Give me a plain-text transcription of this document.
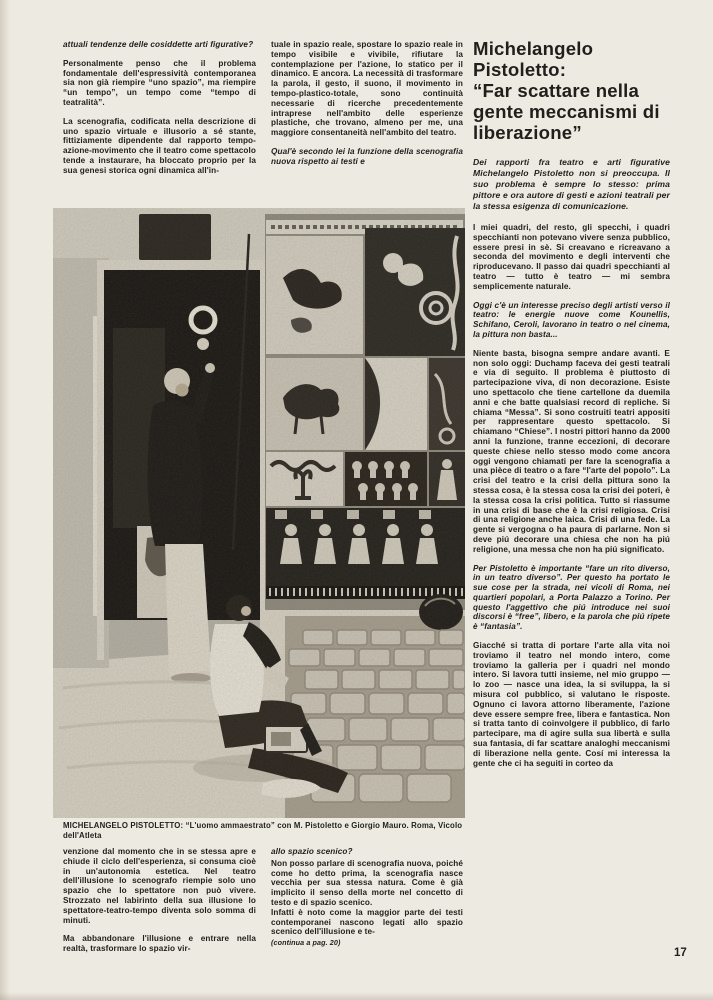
attuali tendenze delle cosiddette arti figurative?

Personalmente penso che il problema fondamentale dell'espressività contemporanea sia non già riempire “uno spazio”, ma riempire “un tempo”, un tempo come “tempo di teatralità”.

La scenografia, codificata nella descrizione di uno spazio virtuale e illusorio a sé stante, fittiziamente dipendente dal rapporto tempo-azione-movimento che il teatro come spettacolo tende a instaurare, ha bloccato proprio per la sua genesi storica ogni dinamica all'in-

tuale in spazio reale, spostare lo spazio reale in tempo visibile e vivibile, rifiutare la contemplazione per l'azione, lo statico per il dinamico. E ancora. La necessità di trasformare la parola, il gesto, il suono, il movimento in tempo-plastico-totale, sono continuità necessarie di ricerche precedentemente intraprese nell'ambito delle esperienze plastiche, che trovano, almeno per me, una maggiore consentaneità nell'ambito del teatro.

Qual'è secondo lei la funzione della scenografia nuova rispetto ai testi e

Michelangelo Pistoletto:
“Far scattare nella gente meccanismi di liberazione”

Dei rapporti fra teatro e arti figurative Michelangelo Pistoletto non si preoccupa. Il suo problema è sempre lo stesso: prima pittore e ora autore di gesti e azioni teatrali per la stessa esigenza di comunicazione.

I miei quadri, del resto, gli specchi, i quadri specchianti non potevano vivere senza pubblico, essere presi in sè. Si creavano e ricreavano a seconda del movimento e degli interventi che riproducevano. Il passo dai quadri specchianti al teatro — tutto è teatro — mi sembra semplicemente naturale.

Oggi c'è un interesse preciso degli artisti verso il teatro: le energie nuove come Kounellis, Schifano, Ceroli, lavorano in teatro o nel cinema, la pittura non basta...

Niente basta, bisogna sempre andare avanti. E non solo oggi: Duchamp faceva dei gesti teatrali e via di seguito. Il problema è piuttosto di partecipazione viva, di non decorazione. Esiste uno spettacolo che tiene cartellone da duemila anni e che batte qualsiasi record di repliche. Si chiama “Messa”. Si sono costruiti teatri appositi per rappresentare questo spettacolo. Si chiamano “Chiese”. I nostri pittori hanno da 2000 anni la funzione, tranne eccezioni, di decorare queste chiese nello stesso modo come ancora oggi vengono chiamati per fare la scenografia a una pièce di teatro o a fare “l'arte del popolo”. La crisi del teatro e la crisi della pittura sono la stessa cosa, è la stessa cosa la crisi dei poteri, è la stessa cosa la crisi politica. Tutto si riassume in una crisi di base che è la crisi religiosa. Crisi di una religione anche laica. Crisi di una fede. La gente si vergogna o ha paura di parlarne. Non si deve piú decorare una chiesa che non ha piú religione, una messa che non ha piú significato.

Per Pistoletto è importante “fare un rito diverso, in un teatro diverso”. Per questo ha portato le sue cose per la strada, nei vicoli di Roma, nei quartieri popolari, a Porta Palazzo a Torino. Per questo l'aggettivo che piú introduce nei suoi discorsi è “free”, libero, e la parola che piú ripete è “fantasia”.

Giacché si tratta di portare l'arte alla vita noi troviamo il teatro nel mondo intero, come troviamo la galleria per i quadri nel mondo intero. Si lavora tutti insieme, nel mio gruppo — lo zoo — nasce una idea, la si sviluppa, la si misura col pubblico, si valutano le risposte. Ognuno ci lavora attorno liberamente, l'azione deve essere sempre free, libera e fantastica. Non si tratta tanto di coinvolgere il pubblico, di farlo partecipare, ma di agire sulla sua libertà e sulla sua fantasia, di far scattare analoghi meccanismi di liberazione nella gente. Cosí mi interessa la gente che ci ha seguiti in corteo da

MICHELANGELO PISTOLETTO: “L'uomo ammaestrato” con M. Pistoletto e Giorgio Mauro. Roma, Vicolo dell'Atleta

venzione dal momento che in se stessa apre e chiude il ciclo dell'esperienza, si consuma cioè in un'autonomia estetica. Nel teatro dell'illusione lo scenografo riempie solo uno spazio che lo spettatore non può vivere. Strozzato nel labirinto della sua illusione lo spettatore-teatro-tempo diventa solo somma di minuti.

Ma abbandonare l'illusione e entrare nella realtà, trasformare lo spazio vir-

allo spazio scenico?

Non posso parlare di scenografia nuova, poiché come ho detto prima, la scenografia nasce vecchia per sua stessa natura. Come è già implicito il senso della morte nel concetto di testo e di spazio scenico.

Infatti è noto come la maggior parte dei testi contemporanei nascono legati allo spazio scenico dell'illusione e te-

(continua a pag. 20)

17
